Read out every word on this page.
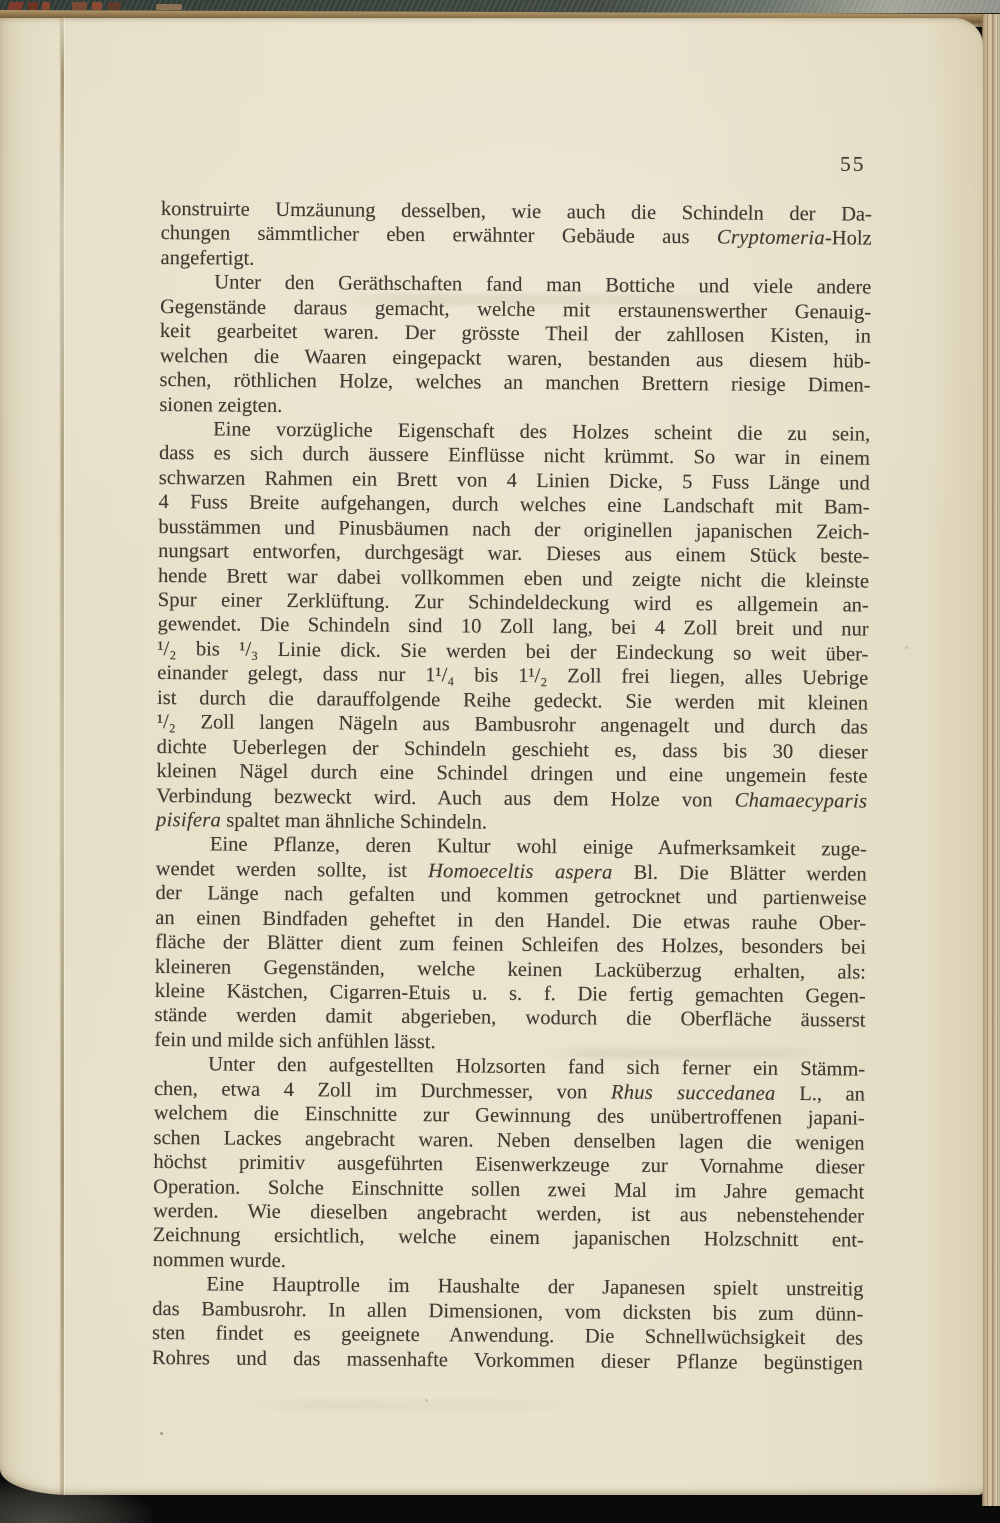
55
konstruirte Umzäunung desselben, wie auch die Schindeln der Da-
chungen sämmtlicher eben erwähnter Gebäude aus Cryptomeria-Holz
angefertigt.
Unter den Geräthschaften fand man Bottiche und viele andere
Gegenstände daraus gemacht, welche mit erstaunenswerther Genauig-
keit gearbeitet waren. Der grösste Theil der zahllosen Kisten, in
welchen die Waaren eingepackt waren, bestanden aus diesem hüb-
schen, röthlichen Holze, welches an manchen Brettern riesige Dimen-
sionen zeigten.
Eine vorzügliche Eigenschaft des Holzes scheint die zu sein,
dass es sich durch äussere Einflüsse nicht krümmt. So war in einem
schwarzen Rahmen ein Brett von 4 Linien Dicke, 5 Fuss Länge und
4 Fuss Breite aufgehangen, durch welches eine Landschaft mit Bam-
busstämmen und Pinusbäumen nach der originellen japanischen Zeich-
nungsart entworfen, durchgesägt war. Dieses aus einem Stück beste-
hende Brett war dabei vollkommen eben und zeigte nicht die kleinste
Spur einer Zerklüftung. Zur Schindeldeckung wird es allgemein an-
gewendet. Die Schindeln sind 10 Zoll lang, bei 4 Zoll breit und nur
¹/₂ bis ¹/₃ Linie dick. Sie werden bei der Eindeckung so weit über-
einander gelegt, dass nur 1¹/₄ bis 1¹/₂ Zoll frei liegen, alles Uebrige
ist durch die darauffolgende Reihe gedeckt. Sie werden mit kleinen
¹/₂ Zoll langen Nägeln aus Bambusrohr angenagelt und durch das
dichte Ueberlegen der Schindeln geschieht es, dass bis 30 dieser
kleinen Nägel durch eine Schindel dringen und eine ungemein feste
Verbindung bezweckt wird. Auch aus dem Holze von Chamaecyparis
pisifera spaltet man ähnliche Schindeln.
Eine Pflanze, deren Kultur wohl einige Aufmerksamkeit zuge-
wendet werden sollte, ist Homoeceltis aspera Bl. Die Blätter werden
der Länge nach gefalten und kommen getrocknet und partienweise
an einen Bindfaden geheftet in den Handel. Die etwas rauhe Ober-
fläche der Blätter dient zum feinen Schleifen des Holzes, besonders bei
kleineren Gegenständen, welche keinen Lacküberzug erhalten, als:
kleine Kästchen, Cigarren-Etuis u. s. f. Die fertig gemachten Gegen-
stände werden damit abgerieben, wodurch die Oberfläche äusserst
fein und milde sich anfühlen lässt.
Unter den aufgestellten Holzsorten fand sich ferner ein Stämm-
chen, etwa 4 Zoll im Durchmesser, von Rhus succedanea L., an
welchem die Einschnitte zur Gewinnung des unübertroffenen japani-
schen Lackes angebracht waren. Neben denselben lagen die wenigen
höchst primitiv ausgeführten Eisenwerkzeuge zur Vornahme dieser
Operation. Solche Einschnitte sollen zwei Mal im Jahre gemacht
werden. Wie dieselben angebracht werden, ist aus nebenstehender
Zeichnung ersichtlich, welche einem japanischen Holzschnitt ent-
nommen wurde.
Eine Hauptrolle im Haushalte der Japanesen spielt unstreitig
das Bambusrohr. In allen Dimensionen, vom dicksten bis zum dünn-
sten findet es geeignete Anwendung. Die Schnellwüchsigkeit des
Rohres und das massenhafte Vorkommen dieser Pflanze begünstigen
